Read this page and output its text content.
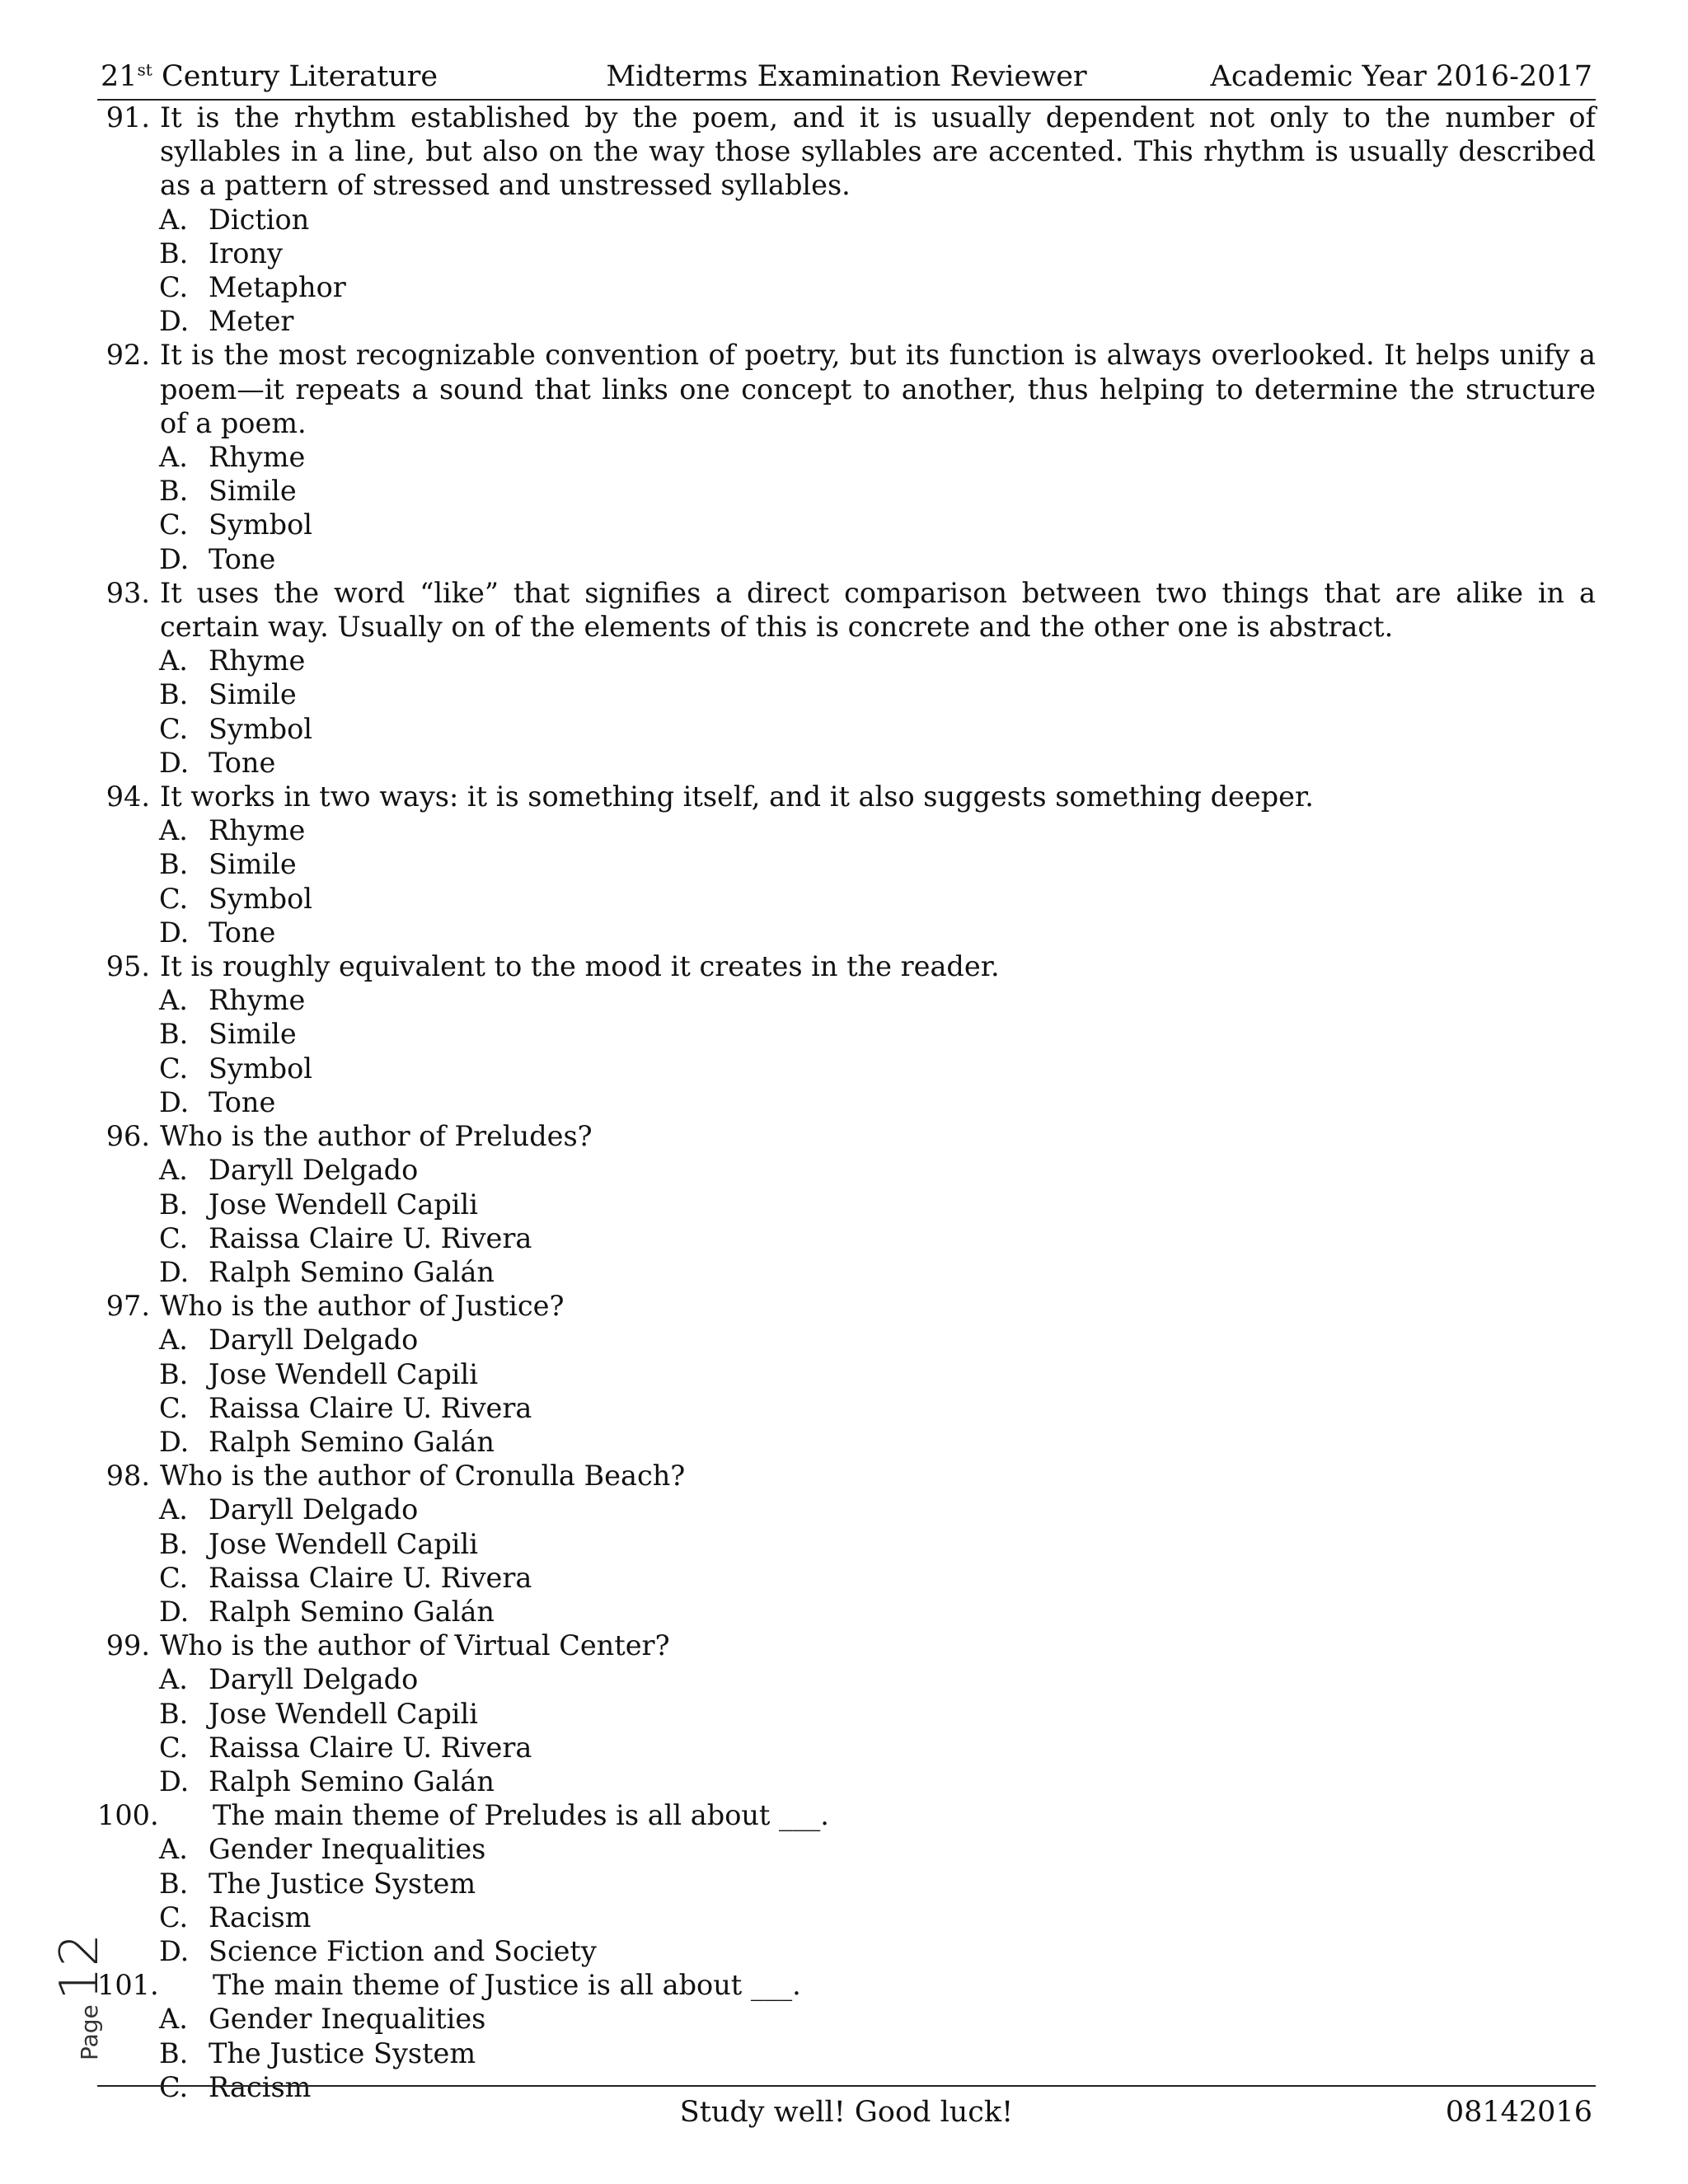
21st Century Literature	Midterms Examination Reviewer	Academic Year 2016-2017
91. It is the rhythm established by the poem, and it is usually dependent not only to the number of syllables in a line, but also on the way those syllables are accented. This rhythm is usually described as a pattern of stressed and unstressed syllables.
A. Diction
B. Irony
C. Metaphor
D. Meter
92. It is the most recognizable convention of poetry, but its function is always overlooked. It helps unify a poem—it repeats a sound that links one concept to another, thus helping to determine the structure of a poem.
A. Rhyme
B. Simile
C. Symbol
D. Tone
93. It uses the word “like” that signifies a direct comparison between two things that are alike in a certain way. Usually on of the elements of this is concrete and the other one is abstract.
A. Rhyme
B. Simile
C. Symbol
D. Tone
94. It works in two ways: it is something itself, and it also suggests something deeper.
A. Rhyme
B. Simile
C. Symbol
D. Tone
95. It is roughly equivalent to the mood it creates in the reader.
A. Rhyme
B. Simile
C. Symbol
D. Tone
96. Who is the author of Preludes?
A. Daryll Delgado
B. Jose Wendell Capili
C. Raissa Claire U. Rivera
D. Ralph Semino Galán
97. Who is the author of Justice?
A. Daryll Delgado
B. Jose Wendell Capili
C. Raissa Claire U. Rivera
D. Ralph Semino Galán
98. Who is the author of Cronulla Beach?
A. Daryll Delgado
B. Jose Wendell Capili
C. Raissa Claire U. Rivera
D. Ralph Semino Galán
99. Who is the author of Virtual Center?
A. Daryll Delgado
B. Jose Wendell Capili
C. Raissa Claire U. Rivera
D. Ralph Semino Galán
100.	The main theme of Preludes is all about ___.
A. Gender Inequalities
B. The Justice System
C. Racism
D. Science Fiction and Society
101.	The main theme of Justice is all about ___.
A. Gender Inequalities
B. The Justice System
C. Racism
Page 12
Study well! Good luck!	08142016
